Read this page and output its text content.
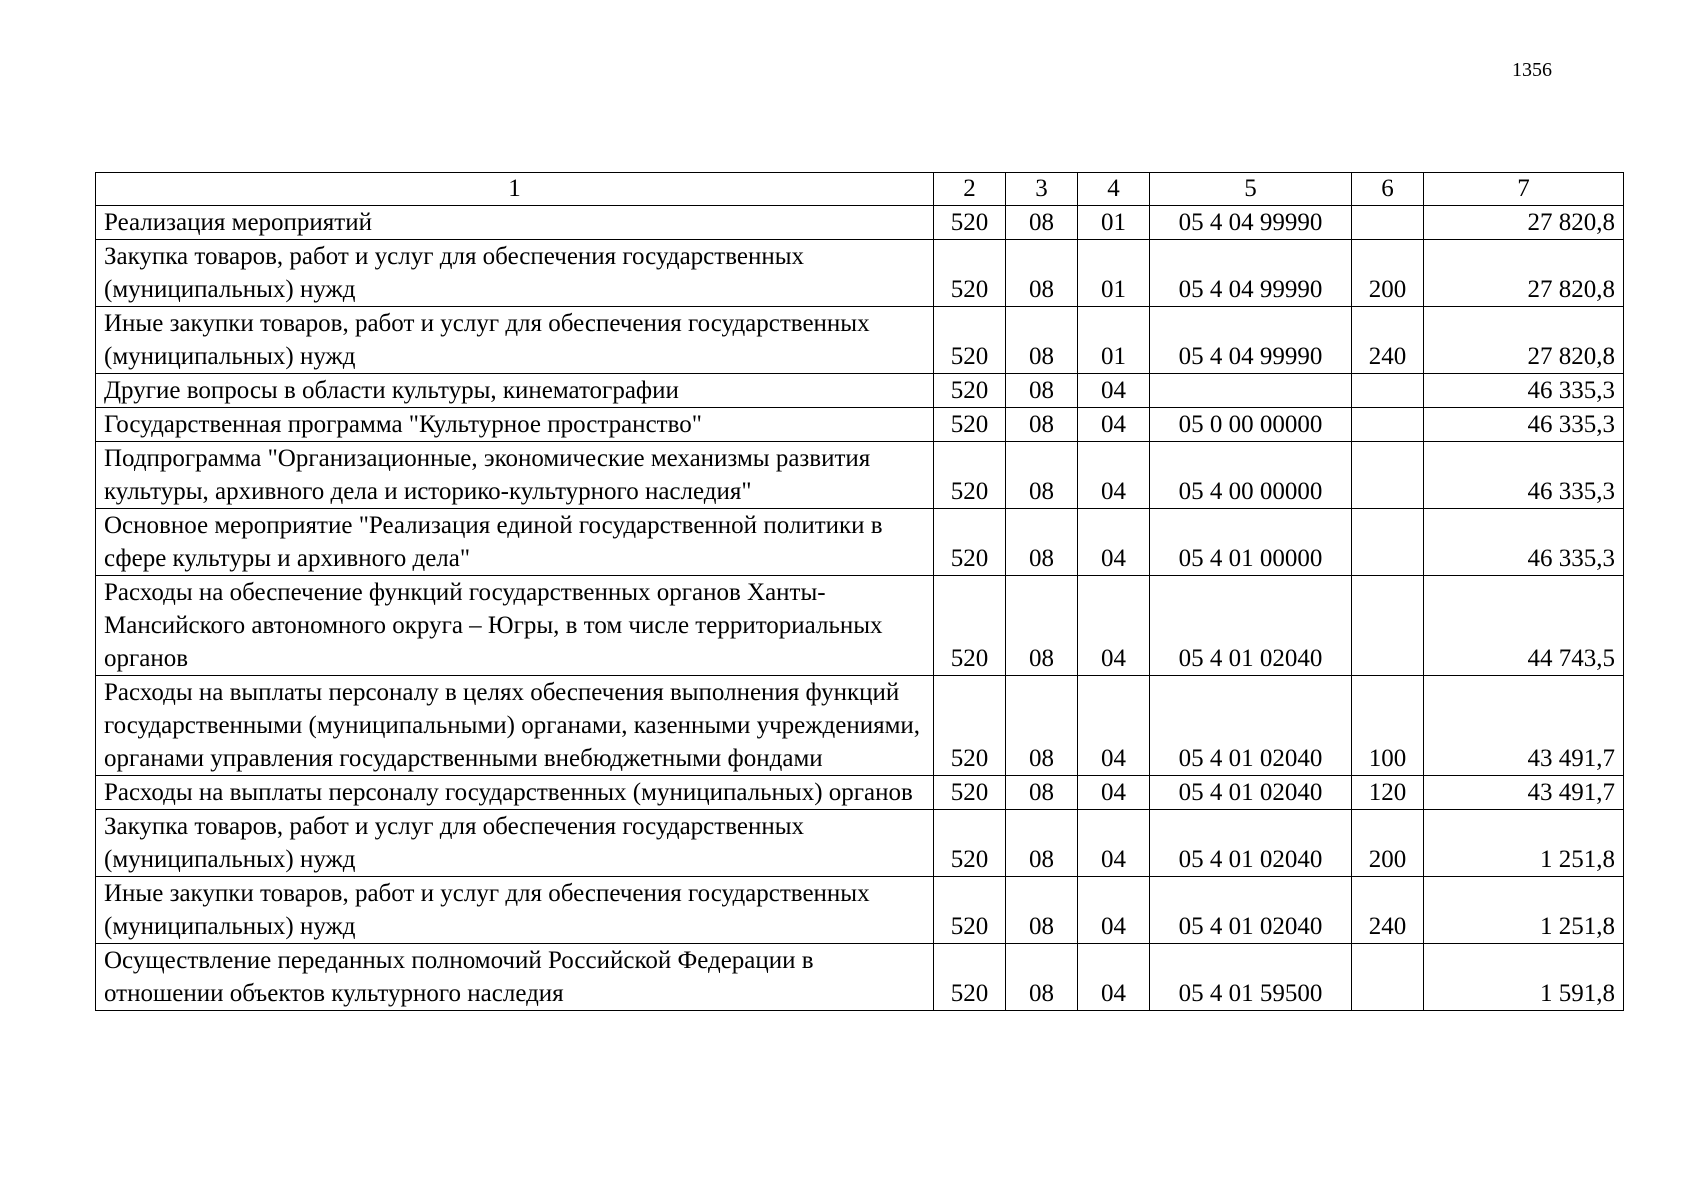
1356
1	2	3	4	5	6	7
Реализация мероприятий	520	08	01	05 4 04 99990		27 820,8
Закупка товаров, работ и услуг для обеспечения государственных (муниципальных) нужд	520	08	01	05 4 04 99990	200	27 820,8
Иные закупки товаров, работ и услуг для обеспечения государственных (муниципальных) нужд	520	08	01	05 4 04 99990	240	27 820,8
Другие вопросы в области культуры, кинематографии	520	08	04			46 335,3
Государственная программа "Культурное пространство"	520	08	04	05 0 00 00000		46 335,3
Подпрограмма "Организационные, экономические механизмы развития культуры, архивного дела и историко-культурного наследия"	520	08	04	05 4 00 00000		46 335,3
Основное мероприятие "Реализация единой государственной политики в сфере культуры и архивного дела"	520	08	04	05 4 01 00000		46 335,3
Расходы на обеспечение функций государственных органов Ханты-Мансийского автономного округа – Югры, в том числе территориальных органов	520	08	04	05 4 01 02040		44 743,5
Расходы на выплаты персоналу в целях обеспечения выполнения функций государственными (муниципальными) органами, казенными учреждениями, органами управления государственными внебюджетными фондами	520	08	04	05 4 01 02040	100	43 491,7
Расходы на выплаты персоналу государственных (муниципальных) органов	520	08	04	05 4 01 02040	120	43 491,7
Закупка товаров, работ и услуг для обеспечения государственных (муниципальных) нужд	520	08	04	05 4 01 02040	200	1 251,8
Иные закупки товаров, работ и услуг для обеспечения государственных (муниципальных) нужд	520	08	04	05 4 01 02040	240	1 251,8
Осуществление переданных полномочий Российской Федерации в отношении объектов культурного наследия	520	08	04	05 4 01 59500		1 591,8
